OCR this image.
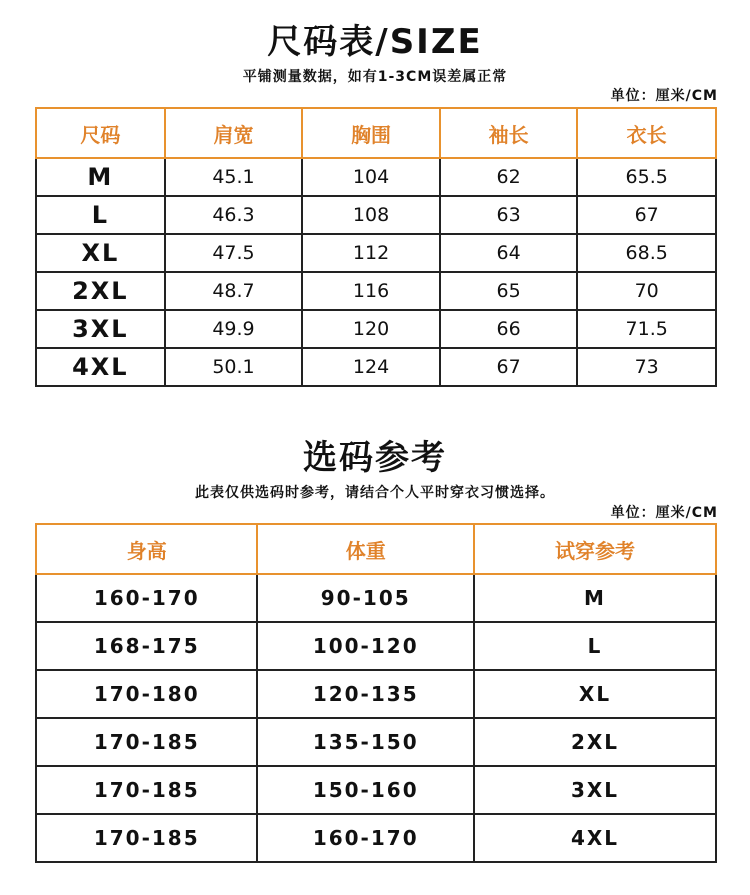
尺码表/SIZE
平铺测量数据，如有1-3CM误差属正常
单位：厘米/CM
尺码	肩宽	胸围	袖长	衣长
M	45.1	104	62	65.5
L	46.3	108	63	67
XL	47.5	112	64	68.5
2XL	48.7	116	65	70
3XL	49.9	120	66	71.5
4XL	50.1	124	67	73
选码参考
此表仅供选码时参考，请结合个人平时穿衣习惯选择。
单位：厘米/CM
身高	体重	试穿参考
160-170	90-105	M
168-175	100-120	L
170-180	120-135	XL
170-185	135-150	2XL
170-185	150-160	3XL
170-185	160-170	4XL
